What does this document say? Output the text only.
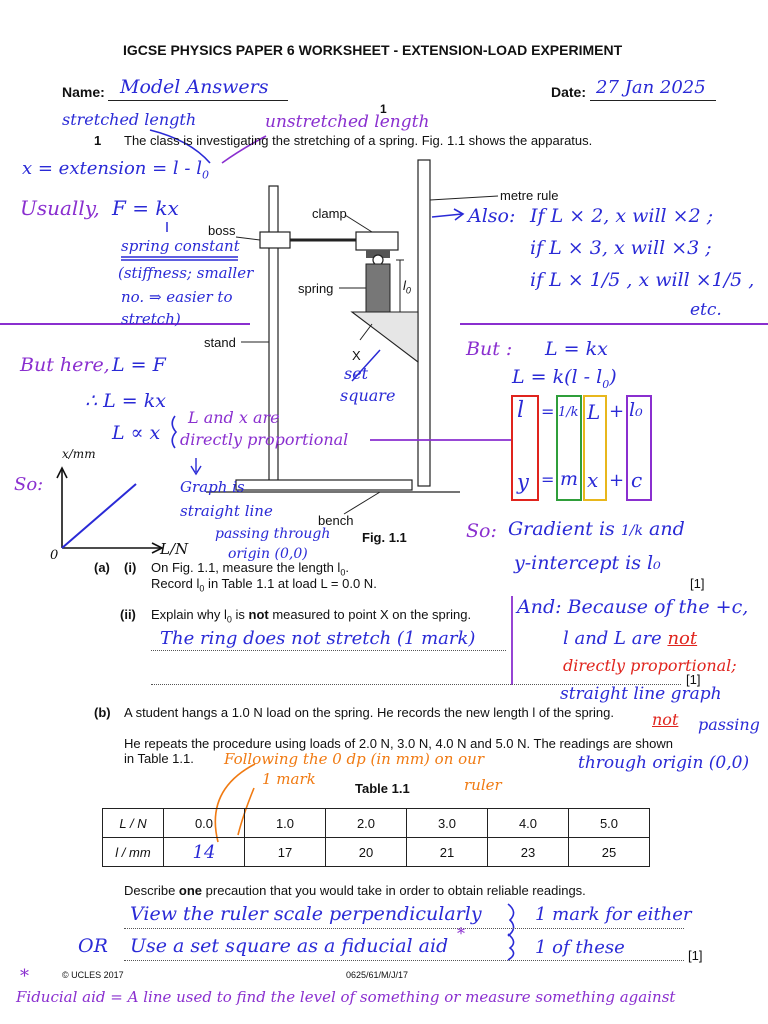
IGCSE PHYSICS PAPER 6 WORKSHEET - EXTENSION-LOAD EXPERIMENT
Name: Model Answers	Date: 27 Jan 2025
1
1 The class is investigating the stretching of a spring. Fig. 1.1 shows the apparatus.
metre rule
clamp
boss
spring	$l_0$
stand
X
bench
Fig. 1.1
(a) (i) On Fig. 1.1, measure the length $l_0$.
Record $l_0$ in Table 1.1 at load L = 0.0 N.	[1]
(ii) Explain why $l_0$ is not measured to point X on the spring.
The ring does not stretch (1 mark)
[1]
(b) A student hangs a 1.0 N load on the spring. He records the new length l of the spring.
He repeats the procedure using loads of 2.0 N, 3.0 N, 4.0 N and 5.0 N. The readings are shown
in Table 1.1.
Table 1.1
L / N	0.0	1.0	2.0	3.0	4.0	5.0
l / mm	14	17	20	21	23	25
Describe one precaution that you would take in order to obtain reliable readings.
View the ruler scale perpendicularly
OR Use a set square as a fiducial aid
1 mark for either
1 of these	[1]
© UCLES 2017	0625/61/M/J/17
stretched length	unstretched length
x = extension = l - $l_0$
Usually, F = kx
spring constant
(stiffness; smaller
no. ⇒ easier to
stretch)
But here, L = F
∴ L = kx
L ∝ x
L and x are
directly proportional
Graph is
straight line
passing through
origin (0,0)
So:
x/mm
L/N
0
set
square
Also: If L × 2, x will ×2 ;
if L × 3, x will ×3 ;
if L × 1/5 , x will ×1/5 ,
etc.
But : L = kx
$L = k(l - l_0)$
l = 1/k L + l₀
y = m x + c
So: Gradient is 1/k and
y-intercept is l₀
And: Because of the +c,
l and L are not
directly proportional;
straight line graph
not passing
through origin (0,0)
Following the 0 dp (in mm) on our
ruler
1 mark
*
*
Fiducial aid = A line used to find the level of something or measure something against
